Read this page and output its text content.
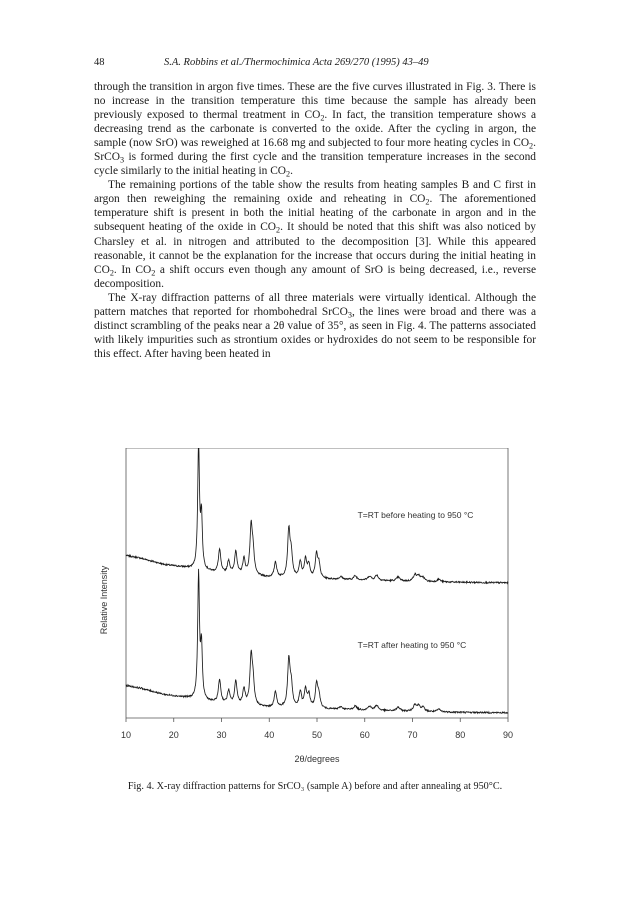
48	S.A. Robbins et al./Thermochimica Acta 269/270 (1995) 43–49

through the transition in argon five times. These are the five curves illustrated in Fig. 3. There is no increase in the transition temperature this time because the sample has already been previously exposed to thermal treatment in $CO_2$. In fact, the transition temperature shows a decreasing trend as the carbonate is converted to the oxide. After the cycling in argon, the sample (now SrO) was reweighed at 16.68 mg and subjected to four more heating cycles in $CO_2$. SrCO$_3$ is formed during the first cycle and the transition temperature increases in the second cycle similarly to the initial heating in $CO_2$.

The remaining portions of the table show the results from heating samples B and C first in argon then reweighing the remaining oxide and reheating in $CO_2$. The aforementioned temperature shift is present in both the initial heating of the carbonate in argon and in the subsequent heating of the oxide in $CO_2$. It should be noted that this shift was also noticed by Charsley et al. in nitrogen and attributed to the decomposition [3]. While this appeared reasonable, it cannot be the explanation for the increase that occurs during the initial heating in $CO_2$. In $CO_2$ a shift occurs even though any amount of SrO is being decreased, i.e., reverse decomposition.

The X-ray diffraction patterns of all three materials were virtually identical. Although the pattern matches that reported for rhombohedral SrCO$_3$, the lines were broad and there was a distinct scrambling of the peaks near a 2θ value of 35°, as seen in Fig. 4. The patterns associated with likely impurities such as strontium oxides or hydroxides do not seem to be responsible for this effect. After having been heated in

10	20	30	40	50	60	70	80	90
T=RT before heating to 950 °C
T=RT after heating to 950 °C
Relative Intensity
2θ/degrees
Fig. 4. X-ray diffraction patterns for SrCO₃ (sample A) before and after annealing at 950°C.
